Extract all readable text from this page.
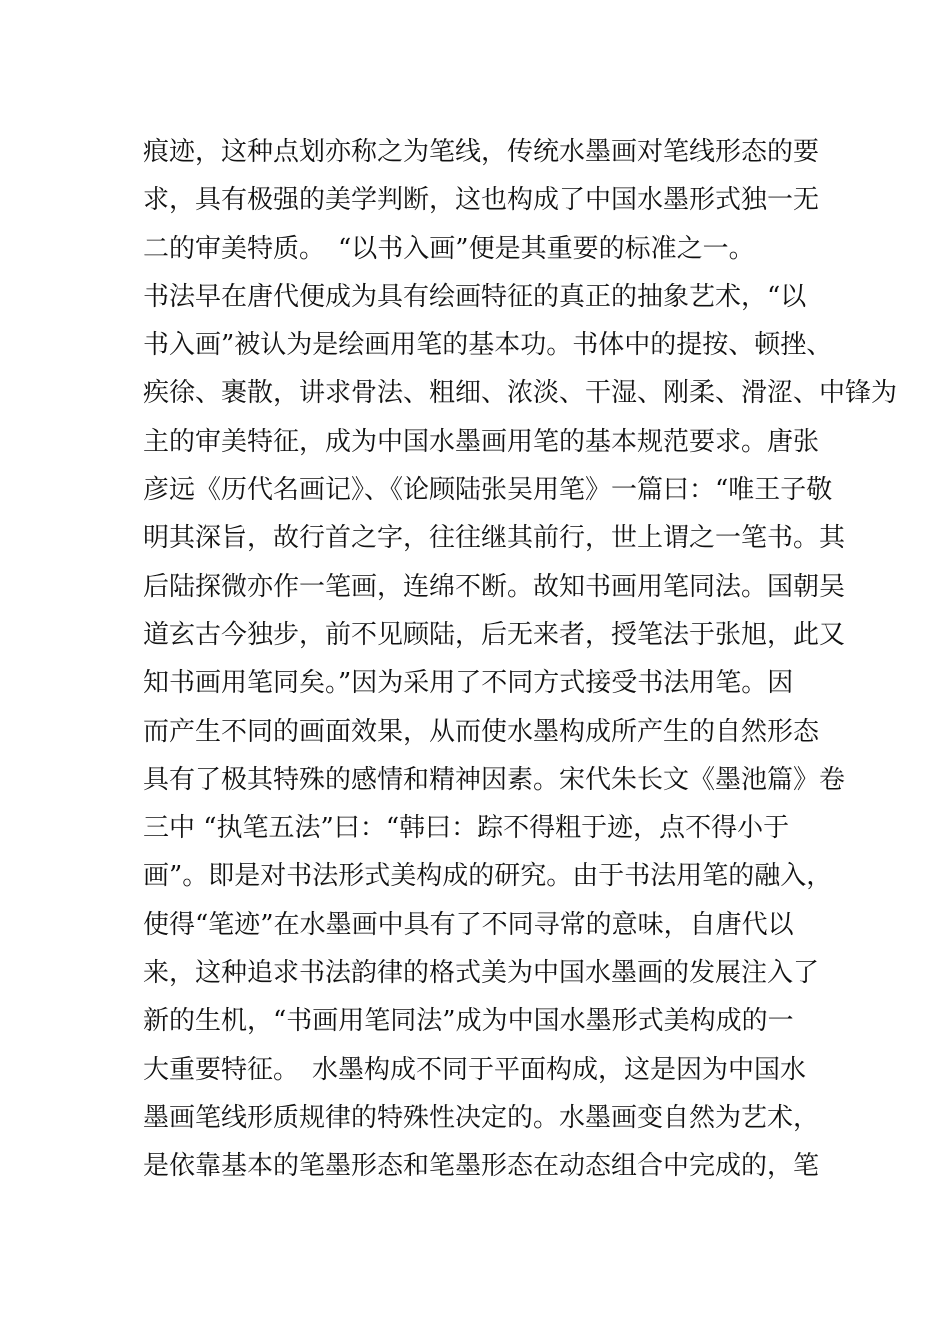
痕迹，这种点划亦称之为笔线，传统水墨画对笔线形态的要
求，具有极强的美学判断，这也构成了中国水墨形式独一无
二的审美特质。　“以书入画”便是其重要的标准之一。
书法早在唐代便成为具有绘画特征的真正的抽象艺术，“以
书入画”被认为是绘画用笔的基本功。书体中的提按、顿挫、
疾徐、裹散，讲求骨法、粗细、浓淡、干湿、刚柔、滑涩、中锋为
主的审美特征，成为中国水墨画用笔的基本规范要求。唐张
彦远《历代名画记》、《论顾陆张吴用笔》一篇曰：“唯王子敬
明其深旨，故行首之字，往往继其前行，世上谓之一笔书。其
后陆探微亦作一笔画，连绵不断。故知书画用笔同法。国朝吴
道玄古今独步，前不见顾陆，后无来者，授笔法于张旭，此又
知书画用笔同矣。”因为采用了不同方式接受书法用笔。因
而产生不同的画面效果，从而使水墨构成所产生的自然形态
具有了极其特殊的感情和精神因素。宋代朱长文《墨池篇》卷
三中 “执笔五法”曰：“韩曰：踪不得粗于迹，点不得小于
画”。即是对书法形式美构成的研究。由于书法用笔的融入，
使得“笔迹”在水墨画中具有了不同寻常的意味，自唐代以
来，这种追求书法韵律的格式美为中国水墨画的发展注入了
新的生机，“书画用笔同法”成为中国水墨形式美构成的一
大重要特征。　水墨构成不同于平面构成，这是因为中国水
墨画笔线形质规律的特殊性决定的。水墨画变自然为艺术，
是依靠基本的笔墨形态和笔墨形态在动态组合中完成的，笔
